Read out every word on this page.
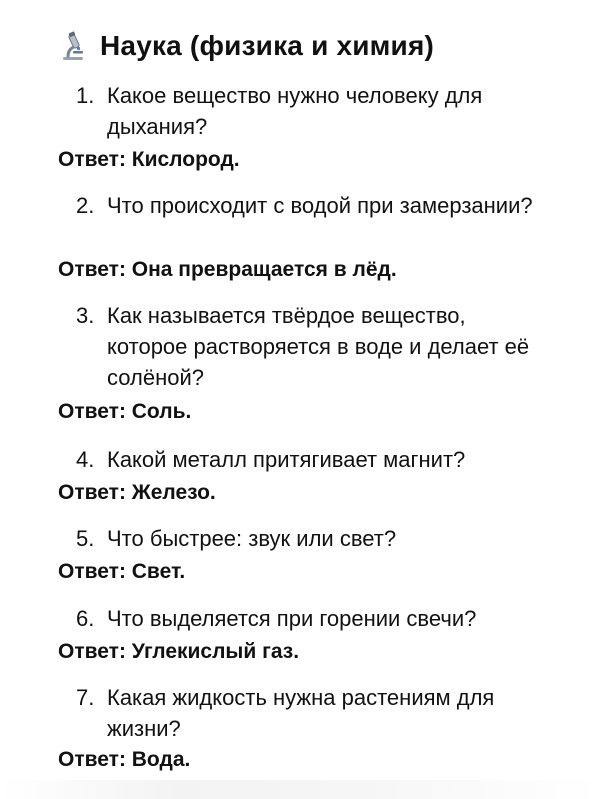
Наука (физика и химия)
1. Какое вещество нужно человеку для дыхания?
Ответ: Кислород.
2. Что происходит с водой при замерзании?
Ответ: Она превращается в лёд.
3. Как называется твёрдое вещество, которое растворяется в воде и делает её солёной?
Ответ: Соль.
4. Какой металл притягивает магнит?
Ответ: Железо.
5. Что быстрее: звук или свет?
Ответ: Свет.
6. Что выделяется при горении свечи?
Ответ: Углекислый газ.
7. Какая жидкость нужна растениям для жизни?
Ответ: Вода.
